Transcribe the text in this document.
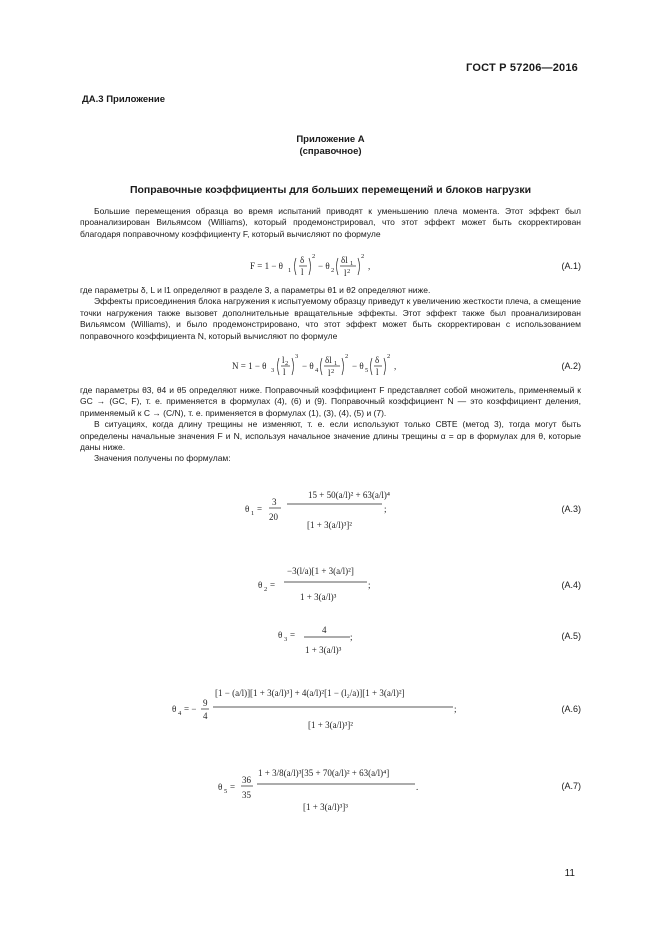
ГОСТ Р 57206—2016
ДА.3 Приложение
Приложение А
(справочное)
Поправочные коэффициенты для больших перемещений и блоков нагрузки

Большие перемещения образца во время испытаний приводят к уменьшению плеча момента. Этот эффект был проанализирован Вильямсом (Williams), который продемонстрировал, что этот эффект может быть скорректирован благодаря поправочному коэффициенту F, который вычисляют по формуле

F = 1 − θ 1
δ
l
2
− θ 2
δl 1
l 2
2
,	(A.1)

где параметры δ, L и l1 определяют в разделе 3, а параметры θ1 и θ2 определяют ниже.

Эффекты присоединения блока нагружения к испытуемому образцу приведут к увеличению жесткости плеча, а смещение точки нагружения также вызовет дополнительные вращательные эффекты. Этот эффект также был проанализирован Вильямсом (Williams), и было продемонстрировано, что этот эффект может быть скорректирован с использованием поправочного коэффициента N, который вычисляют по формуле

N = 1 − θ 3
l 2
l
3
− θ 4
δl 1
l 2
2
− θ 5
δ
l
2
,	(A.2)

где параметры θ3, θ4 и θ5 определяют ниже. Поправочный коэффициент F представляет собой множитель, применяемый к GC → (GC, F), т. е. применяется в формулах (4), (6) и (9). Поправочный коэффициент N — это коэффициент деления, применяемый к C → (C/N), т. е. применяется в формулах (1), (3), (4), (5) и (7).

В ситуациях, когда длину трещины не изменяют, т. е. если используют только СВТЕ (метод 3), тогда могут быть определены начальные значения F и N, используя начальное значение длины трещины α = αp в формулах для θ, которые даны ниже.

Значения получены по формулам:

θ 1 =
3
20
15 + 50(a/l)² + 63(a/l)⁴
[1 + 3(a/l)³]²
;	(A.3)
θ 2 =
−3(l/a)[1 + 3(a/l)²]
1 + 3(a/l)³
;	(A.4)
θ 3 =	4
1 + 3(a/l)³
;	(A.5)
θ 4 = −
9
4
[1 − (a/l)][1 + 3(a/l)³] + 4(a/l)²[1 − (l₂/a)][1 + 3(a/l)²]
[1 + 3(a/l)³]²
;	(A.6)
θ 5 =
36
35
1 + 3/8(a/l)³[35 + 70(a/l)² + 63(a/l)⁴]
[1 + 3(a/l)³]³
.	(A.7)
11
